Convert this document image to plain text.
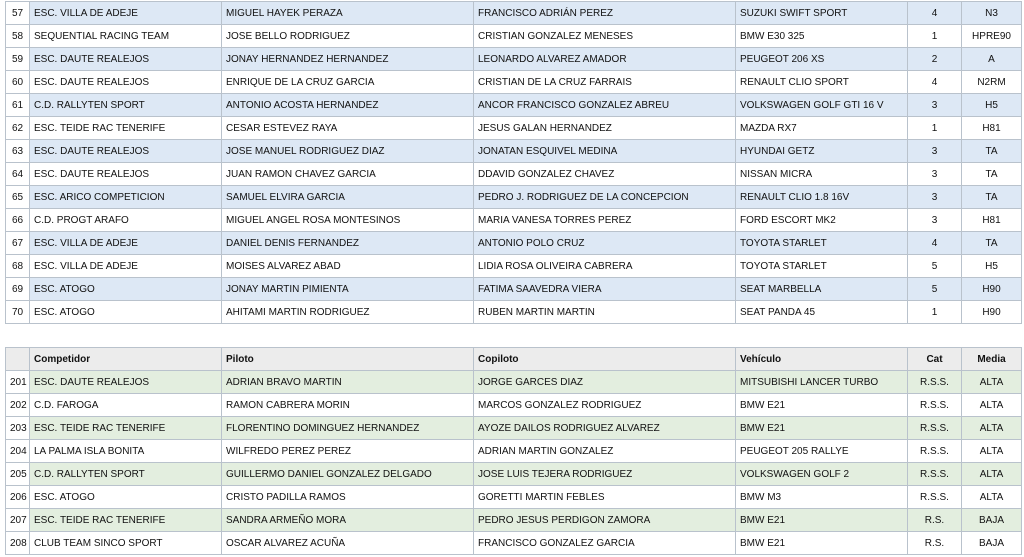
57	ESC. VILLA DE ADEJE	MIGUEL HAYEK PERAZA	FRANCISCO ADRIÁN PEREZ	SUZUKI SWIFT SPORT	4	N3
58	SEQUENTIAL RACING TEAM	JOSE BELLO RODRIGUEZ	CRISTIAN GONZALEZ MENESES	BMW E30 325	1	HPRE90
59	ESC. DAUTE REALEJOS	JONAY HERNANDEZ HERNANDEZ	LEONARDO ALVAREZ AMADOR	PEUGEOT 206 XS	2	A
60	ESC. DAUTE REALEJOS	ENRIQUE DE LA CRUZ GARCIA	CRISTIAN DE LA CRUZ FARRAIS	RENAULT CLIO SPORT	4	N2RM
61	C.D. RALLYTEN SPORT	ANTONIO ACOSTA HERNANDEZ	ANCOR FRANCISCO GONZALEZ ABREU	VOLKSWAGEN GOLF GTI 16 V	3	H5
62	ESC. TEIDE RAC TENERIFE	CESAR ESTEVEZ RAYA	JESUS GALAN HERNANDEZ	MAZDA RX7	1	H81
63	ESC. DAUTE REALEJOS	JOSE MANUEL RODRIGUEZ DIAZ	JONATAN ESQUIVEL MEDINA	HYUNDAI GETZ	3	TA
64	ESC. DAUTE REALEJOS	JUAN RAMON CHAVEZ GARCIA	DDAVID GONZALEZ CHAVEZ	NISSAN MICRA	3	TA
65	ESC. ARICO COMPETICION	SAMUEL ELVIRA GARCIA	PEDRO J. RODRIGUEZ DE LA CONCEPCION	RENAULT CLIO 1.8 16V	3	TA
66	C.D. PROGT ARAFO	MIGUEL ANGEL ROSA MONTESINOS	MARIA VANESA TORRES PEREZ	FORD ESCORT MK2	3	H81
67	ESC. VILLA DE ADEJE	DANIEL DENIS FERNANDEZ	ANTONIO POLO CRUZ	TOYOTA STARLET	4	TA
68	ESC. VILLA DE ADEJE	MOISES ALVAREZ ABAD	LIDIA ROSA OLIVEIRA CABRERA	TOYOTA STARLET	5	H5
69	ESC. ATOGO	JONAY MARTIN PIMIENTA	FATIMA SAAVEDRA VIERA	SEAT MARBELLA	5	H90
70	ESC. ATOGO	AHITAMI MARTIN RODRIGUEZ	RUBEN MARTIN MARTIN	SEAT PANDA 45	1	H90
	Competidor	Piloto	Copiloto	Vehículo	Cat	Media
201	ESC. DAUTE REALEJOS	ADRIAN BRAVO MARTIN	JORGE GARCES DIAZ	MITSUBISHI LANCER TURBO	R.S.S.	ALTA
202	C.D. FAROGA	RAMON CABRERA MORIN	MARCOS GONZALEZ RODRIGUEZ	BMW E21	R.S.S.	ALTA
203	ESC. TEIDE RAC TENERIFE	FLORENTINO DOMINGUEZ HERNANDEZ	AYOZE DAILOS RODRIGUEZ ALVAREZ	BMW E21	R.S.S.	ALTA
204	LA PALMA ISLA BONITA	WILFREDO PEREZ PEREZ	ADRIAN MARTIN GONZALEZ	PEUGEOT 205 RALLYE	R.S.S.	ALTA
205	C.D. RALLYTEN SPORT	GUILLERMO DANIEL GONZALEZ DELGADO	JOSE LUIS TEJERA RODRIGUEZ	VOLKSWAGEN GOLF 2	R.S.S.	ALTA
206	ESC. ATOGO	CRISTO PADILLA RAMOS	GORETTI MARTIN FEBLES	BMW M3	R.S.S.	ALTA
207	ESC. TEIDE RAC TENERIFE	SANDRA ARMEÑO MORA	PEDRO JESUS PERDIGON ZAMORA	BMW E21	R.S.	BAJA
208	CLUB TEAM SINCO SPORT	OSCAR ALVAREZ ACUÑA	FRANCISCO GONZALEZ GARCIA	BMW E21	R.S.	BAJA
